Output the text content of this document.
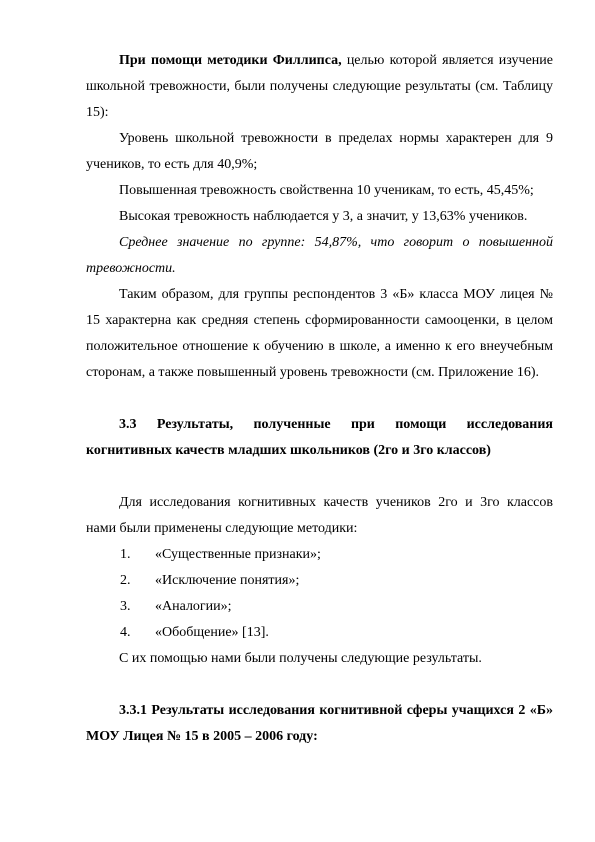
При помощи методики Филлипса, целью которой является изучение
школьной тревожности, были получены следующие результаты (см. Таблицу
15):
Уровень школьной тревожности в пределах нормы характерен для 9
учеников, то есть для 40,9%;
Повышенная тревожность свойственна 10 ученикам, то есть, 45,45%;
Высокая тревожность наблюдается у 3, а значит, у 13,63% учеников.
Среднее значение по группе: 54,87%, что говорит о повышенной
тревожности.
Таким образом, для группы респондентов 3 «Б» класса МОУ лицея №
15 характерна как средняя степень сформированности самооценки, в целом
положительное отношение к обучению в школе, а именно к его внеучебным
сторонам, а также повышенный уровень тревожности (см. Приложение 16).
3.3 Результаты, полученные при помощи исследования
когнитивных качеств младших школьников (2го и 3го классов)
Для исследования когнитивных качеств учеников 2го и 3го классов
нами были применены следующие методики:
1. «Существенные признаки»;
2. «Исключение понятия»;
3. «Аналогии»;
4. «Обобщение» [13].
С их помощью нами были получены следующие результаты.
3.3.1 Результаты исследования когнитивной сферы учащихся 2 «Б»
МОУ Лицея № 15 в 2005 – 2006 году:
